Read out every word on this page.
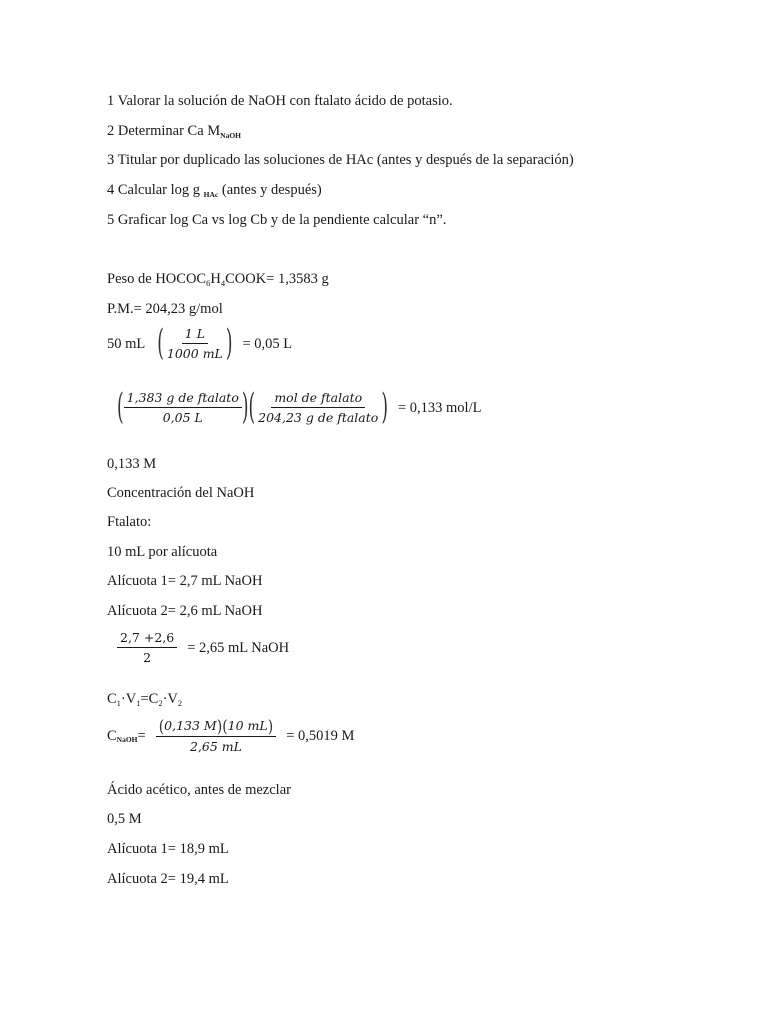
1 Valorar la solución de NaOH con ftalato ácido de potasio.
2 Determinar Ca $M_{NaOH}$
3 Titular por duplicado las soluciones de HAc (antes y después de la separación)
4 Calcular log g $_{HAc}$ (antes y después)
5 Graficar log Ca vs log Cb y de la pendiente calcular “n”.
Peso de $HOCOC_6H_4COOK= 1,3583$ g
P.M.= 204,23 g/mol
50 mL ( $\frac{1 L}{1000 mL}$ ) = 0,05 L
( $\frac{\text{1,383 g de ftalato}}{0,05 L}$ ) ( $\frac{\text{mol de ftalato}}{\text{204,23 g de ftalato}}$ ) = 0,133 mol/L
0,133 M
Concentración del NaOH
Ftalato:
10 mL por alícuota
Alícuota 1= 2,7 mL NaOH
Alícuota 2= 2,6 mL NaOH
$\frac{2,7 +2,6}{2} = 2,65$ mL NaOH
$C_1\cdot V_1=C_2\cdot V_2$
C NaOH = $\frac{(0,133 M)(10 mL)}{2,65 mL} = 0,5019$ M
Ácido acético, antes de mezclar
0,5 M
Alícuota 1= 18,9 mL
Alícuota 2= 19,4 mL
